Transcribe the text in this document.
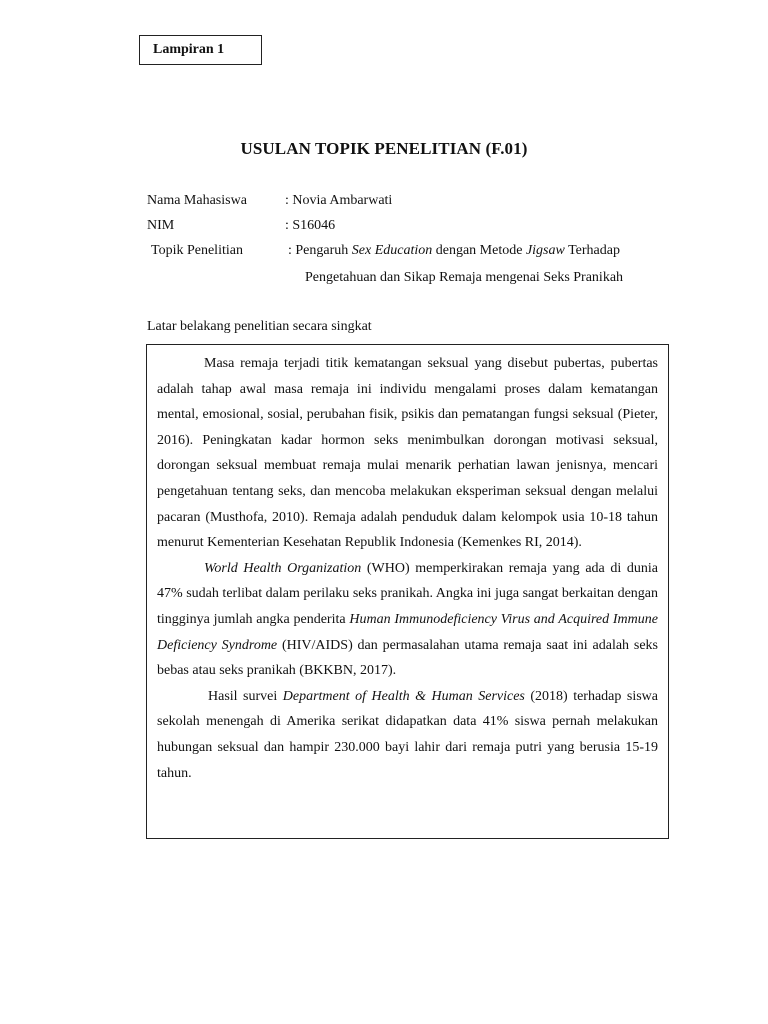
Lampiran 1
USULAN TOPIK PENELITIAN (F.01)
Nama Mahasiswa	: Novia Ambarwati
NIM	: S16046
Topik Penelitian	: Pengaruh Sex Education dengan Metode Jigsaw Terhadap
Pengetahuan dan Sikap Remaja mengenai Seks Pranikah
Latar belakang penelitian secara singkat

Masa remaja terjadi titik kematangan seksual yang disebut pubertas, pubertas adalah tahap awal masa remaja ini individu mengalami proses dalam kematangan mental, emosional, sosial, perubahan fisik, psikis dan pematangan fungsi seksual (Pieter, 2016). Peningkatan kadar hormon seks menimbulkan dorongan motivasi seksual, dorongan seksual membuat remaja mulai menarik perhatian lawan jenisnya, mencari pengetahuan tentang seks, dan mencoba melakukan eksperiman seksual dengan melalui pacaran (Musthofa, 2010). Remaja adalah penduduk dalam kelompok usia 10-18 tahun menurut Kementerian Kesehatan Republik Indonesia (Kemenkes RI, 2014).

World Health Organization (WHO) memperkirakan remaja yang ada di dunia 47% sudah terlibat dalam perilaku seks pranikah. Angka ini juga sangat berkaitan dengan tingginya jumlah angka penderita Human Immunodeficiency Virus and Acquired Immune Deficiency Syndrome (HIV/AIDS) dan permasalahan utama remaja saat ini adalah seks bebas atau seks pranikah (BKKBN, 2017).

Hasil survei Department of Health & Human Services (2018) terhadap siswa sekolah menengah di Amerika serikat didapatkan data 41% siswa pernah melakukan hubungan seksual dan hampir 230.000 bayi lahir dari remaja putri yang berusia 15-19 tahun.
